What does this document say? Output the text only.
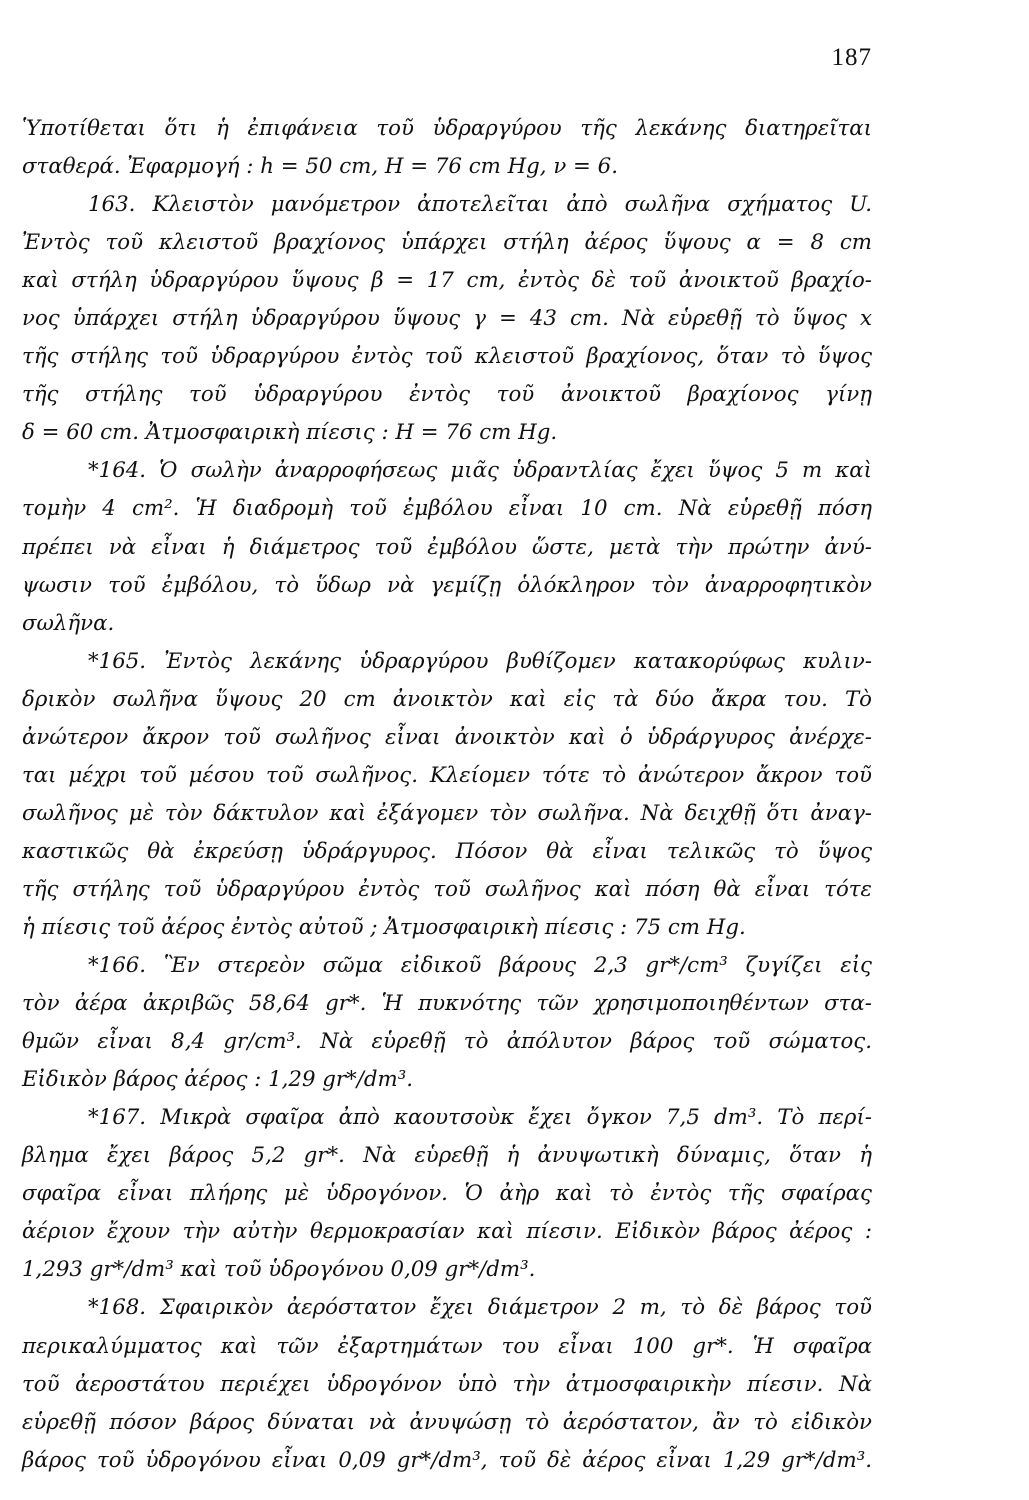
187
Ὑποτίθεται ὅτι ἡ ἐπιφάνεια τοῦ ὑδραργύρου τῆς λεκάνης διατηρεῖται
σταθερά. Ἐφαρμογή : h = 50 cm, H = 76 cm Hg, ν = 6.
163. Κλειστὸν μανόμετρον ἀποτελεῖται ἀπὸ σωλῆνα σχήματος U.
Ἐντὸς τοῦ κλειστοῦ βραχίονος ὑπάρχει στήλη ἀέρος ὕψους α = 8 cm
καὶ στήλη ὑδραργύρου ὕψους β = 17 cm, ἐντὸς δὲ τοῦ ἀνοικτοῦ βραχίο-
νος ὑπάρχει στήλη ὑδραργύρου ὕψους γ = 43 cm. Νὰ εὑρεθῇ τὸ ὕψος x
τῆς στήλης τοῦ ὑδραργύρου ἐντὸς τοῦ κλειστοῦ βραχίονος, ὅταν τὸ ὕψος
τῆς στήλης τοῦ ὑδραργύρου ἐντὸς τοῦ ἀνοικτοῦ βραχίονος γίνῃ
δ = 60 cm. Ἀτμοσφαιρικὴ πίεσις : H = 76 cm Hg.
*164. Ὁ σωλὴν ἀναρροφήσεως μιᾶς ὑδραντλίας ἔχει ὕψος 5 m καὶ
τομὴν 4 cm². Ἡ διαδρομὴ τοῦ ἐμβόλου εἶναι 10 cm. Νὰ εὑρεθῇ πόση
πρέπει νὰ εἶναι ἡ διάμετρος τοῦ ἐμβόλου ὥστε, μετὰ τὴν πρώτην ἀνύ-
ψωσιν τοῦ ἐμβόλου, τὸ ὕδωρ νὰ γεμίζῃ ὁλόκληρον τὸν ἀναρροφητικὸν
σωλῆνα.
*165. Ἐντὸς λεκάνης ὑδραργύρου βυθίζομεν κατακορύφως κυλιν-
δρικὸν σωλῆνα ὕψους 20 cm ἀνοικτὸν καὶ εἰς τὰ δύο ἄκρα του. Τὸ
ἀνώτερον ἄκρον τοῦ σωλῆνος εἶναι ἀνοικτὸν καὶ ὁ ὑδράργυρος ἀνέρχε-
ται μέχρι τοῦ μέσου τοῦ σωλῆνος. Κλείομεν τότε τὸ ἀνώτερον ἄκρον τοῦ
σωλῆνος μὲ τὸν δάκτυλον καὶ ἐξάγομεν τὸν σωλῆνα. Νὰ δειχθῇ ὅτι ἀναγ-
καστικῶς θὰ ἐκρεύσῃ ὑδράργυρος. Πόσον θὰ εἶναι τελικῶς τὸ ὕψος
τῆς στήλης τοῦ ὑδραργύρου ἐντὸς τοῦ σωλῆνος καὶ πόση θὰ εἶναι τότε
ἡ πίεσις τοῦ ἀέρος ἐντὸς αὐτοῦ ; Ἀτμοσφαιρικὴ πίεσις : 75 cm Hg.
*166. Ἓν στερεὸν σῶμα εἰδικοῦ βάρους 2,3 gr*/cm³ ζυγίζει εἰς
τὸν ἀέρα ἀκριβῶς 58,64 gr*. Ἡ πυκνότης τῶν χρησιμοποιηθέντων στα-
θμῶν εἶναι 8,4 gr/cm³. Νὰ εὑρεθῇ τὸ ἀπόλυτον βάρος τοῦ σώματος.
Εἰδικὸν βάρος ἀέρος : 1,29 gr*/dm³.
*167. Μικρὰ σφαῖρα ἀπὸ καουτσοὺκ ἔχει ὄγκον 7,5 dm³. Τὸ περί-
βλημα ἔχει βάρος 5,2 gr*. Νὰ εὑρεθῇ ἡ ἀνυψωτικὴ δύναμις, ὅταν ἡ
σφαῖρα εἶναι πλήρης μὲ ὑδρογόνον. Ὁ ἀὴρ καὶ τὸ ἐντὸς τῆς σφαίρας
ἀέριον ἔχουν τὴν αὐτὴν θερμοκρασίαν καὶ πίεσιν. Εἰδικὸν βάρος ἀέρος :
1,293 gr*/dm³ καὶ τοῦ ὑδρογόνου 0,09 gr*/dm³.
*168. Σφαιρικὸν ἀερόστατον ἔχει διάμετρον 2 m, τὸ δὲ βάρος τοῦ
περικαλύμματος καὶ τῶν ἐξαρτημάτων του εἶναι 100 gr*. Ἡ σφαῖρα
τοῦ ἀεροστάτου περιέχει ὑδρογόνον ὑπὸ τὴν ἀτμοσφαιρικὴν πίεσιν. Νὰ
εὑρεθῇ πόσον βάρος δύναται νὰ ἀνυψώσῃ τὸ ἀερόστατον, ἂν τὸ εἰδικὸν
βάρος τοῦ ὑδρογόνου εἶναι 0,09 gr*/dm³, τοῦ δὲ ἀέρος εἶναι 1,29 gr*/dm³.
